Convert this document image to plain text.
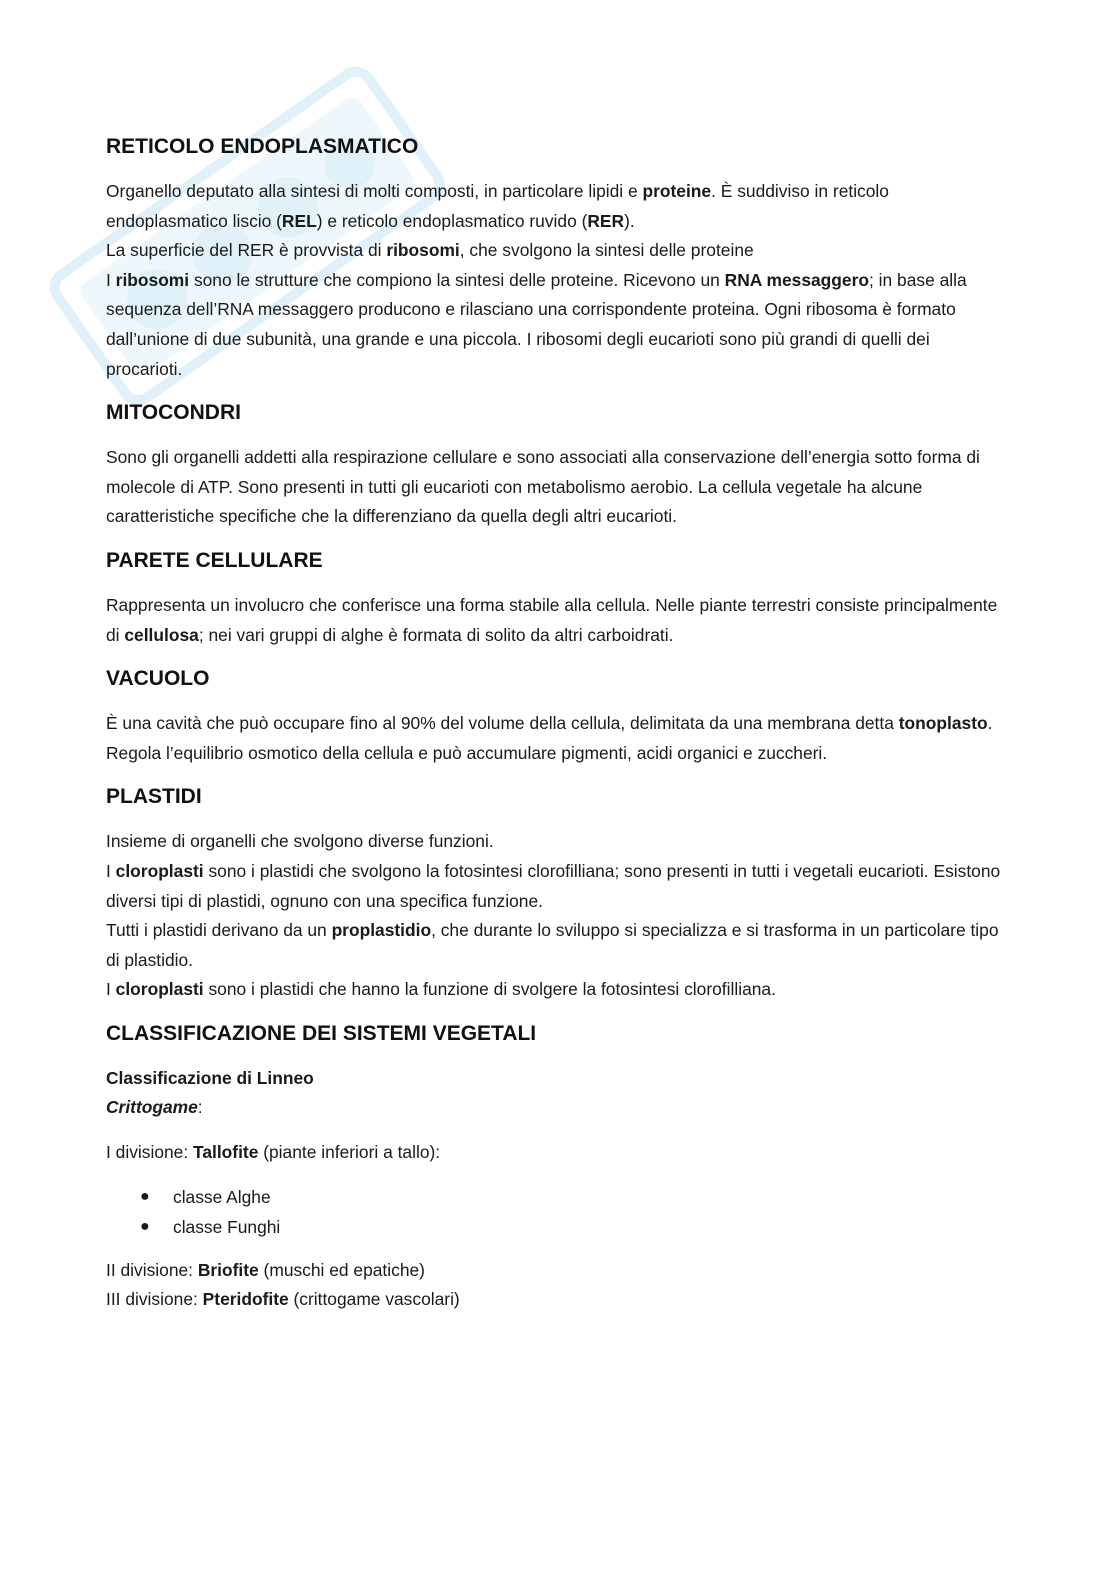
RETICOLO ENDOPLASMATICO

Organello deputato alla sintesi di molti composti, in particolare lipidi e proteine. È suddiviso in reticolo endoplasmatico liscio (REL) e reticolo endoplasmatico ruvido (RER).
La superficie del RER è provvista di ribosomi, che svolgono la sintesi delle proteine
I ribosomi sono le strutture che compiono la sintesi delle proteine. Ricevono un RNA messaggero; in base alla sequenza dell’RNA messaggero producono e rilasciano una corrispondente proteina. Ogni ribosoma è formato dall’unione di due subunità, una grande e una piccola. I ribosomi degli eucarioti sono più grandi di quelli dei procarioti.

MITOCONDRI

Sono gli organelli addetti alla respirazione cellulare e sono associati alla conservazione dell’energia sotto forma di molecole di ATP. Sono presenti in tutti gli eucarioti con metabolismo aerobio. La cellula vegetale ha alcune caratteristiche specifiche che la differenziano da quella degli altri eucarioti.

PARETE CELLULARE

Rappresenta un involucro che conferisce una forma stabile alla cellula. Nelle piante terrestri consiste principalmente di cellulosa; nei vari gruppi di alghe è formata di solito da altri carboidrati.

VACUOLO

È una cavità che può occupare fino al 90% del volume della cellula, delimitata da una membrana detta tonoplasto. Regola l’equilibrio osmotico della cellula e può accumulare pigmenti, acidi organici e zuccheri.

PLASTIDI

Insieme di organelli che svolgono diverse funzioni.
I cloroplasti sono i plastidi che svolgono la fotosintesi clorofilliana; sono presenti in tutti i vegetali eucarioti. Esistono diversi tipi di plastidi, ognuno con una specifica funzione.
Tutti i plastidi derivano da un proplastidio, che durante lo sviluppo si specializza e si trasforma in un particolare tipo di plastidio.
I cloroplasti sono i plastidi che hanno la funzione di svolgere la fotosintesi clorofilliana.

CLASSIFICAZIONE DEI SISTEMI VEGETALI

Classificazione di Linneo
Crittogame:

I divisione: Tallofite (piante inferiori a tallo):

● classe Alghe
● classe Funghi

II divisione: Briofite (muschi ed epatiche)
III divisione: Pteridofite (crittogame vascolari)
